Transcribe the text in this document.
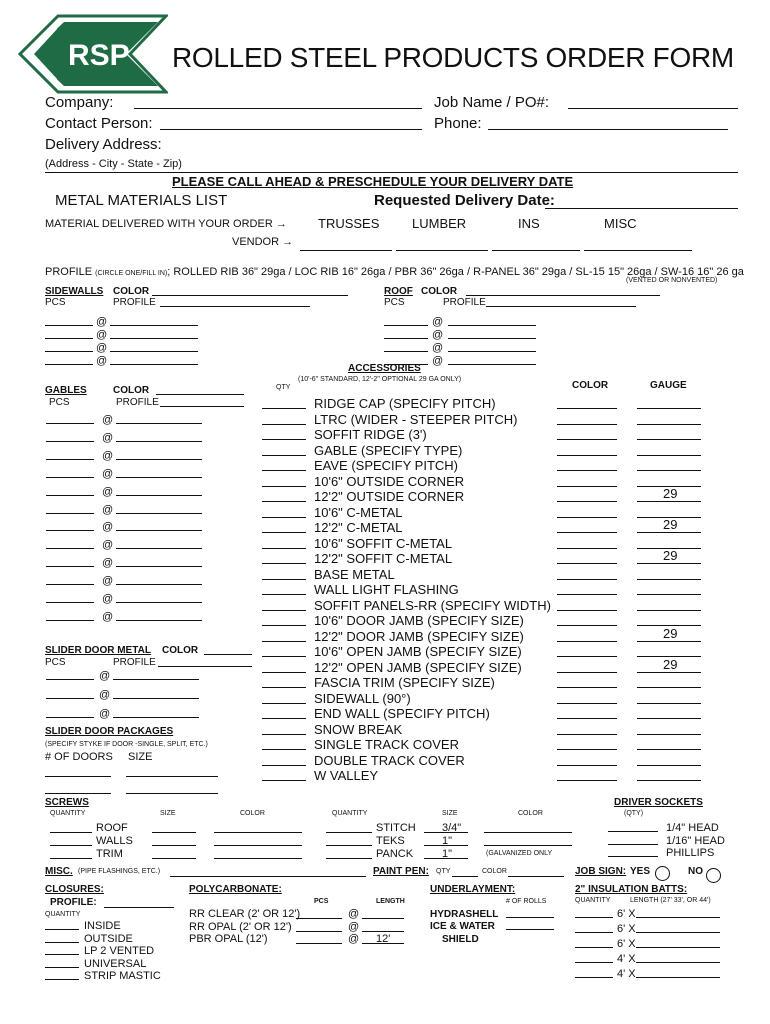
RSP ROLLED STEEL PRODUCTS ORDER FORM
Company:	Job Name / PO#:
Contact Person:	Phone:
Delivery Address:
(Address - City - State - Zip)
PLEASE CALL AHEAD & PRESCHEDULE YOUR DELIVERY DATE
METAL MATERIALS LIST	Requested Delivery Date:
MATERIAL DELIVERED WITH YOUR ORDER → TRUSSES	LUMBER	INS	MISC
VENDOR →
PROFILE (CIRCLE ONE/FILL IN); ROLLED RIB 36" 29ga / LOC RIB 16" 26ga / PBR 36" 26ga / R-PANEL 36" 29ga / SL-15 15" 26ga / SW-16 16" 26 ga
(VENTED OR NONVENTED)
SIDEWALLS COLOR
PCS	PROFILE
ROOF COLOR
PCS	PROFILE
ACCESSORIES
(10'-6" STANDARD, 12'-2" OPTIONAL 29 GA ONLY)
QTY	COLOR	GAUGE
GABLES	COLOR
PCS	PROFILE
SLIDER DOOR METAL COLOR
PCS	PROFILE
SLIDER DOOR PACKAGES
(SPECIFY STYKE IF DOOR -SINGLE, SPLIT, ETC.)
# OF DOORS SIZE
SCREWS
QUANTITY	SIZE	COLOR	QUANTITY	SIZE	COLOR
(GALVANIZED ONLY
DRIVER SOCKETS
(QTY)
MISC. (PIPE FLASHINGS, ETC.)	PAINT PEN: QTY	COLOR	JOB SIGN: YES	NO
CLOSURES:
PROFILE:
QUANTITY
POLYCARBONATE:
PCS	LENGTH
UNDERLAYMENT:
# OF ROLLS
HYDRASHELL
ICE & WATER
SHIELD
2" INSULATION BATTS:
QUANTITY	LENGTH (27' 33', OR 44')
@	@
@	@
@	@
@	@
@
@
@
@
@
@
@
@
@
@
@
@
@
@
@
RIDGE CAP (SPECIFY PITCH)
LTRC (WIDER - STEEPER PITCH)
SOFFIT RIDGE (3')
GABLE (SPECIFY TYPE)
EAVE (SPECIFY PITCH)
10'6" OUTSIDE CORNER
12'2" OUTSIDE CORNER	29
10'6" C-METAL
12'2" C-METAL	29
10'6" SOFFIT C-METAL
12'2" SOFFIT C-METAL	29
BASE METAL
WALL LIGHT FLASHING
SOFFIT PANELS-RR (SPECIFY WIDTH)
10'6" DOOR JAMB (SPECIFY SIZE)
12'2" DOOR JAMB (SPECIFY SIZE)	29
10'6" OPEN JAMB (SPECIFY SIZE)
12'2" OPEN JAMB (SPECIFY SIZE)	29
FASCIA TRIM (SPECIFY SIZE)
SIDEWALL (90°)
END WALL (SPECIFY PITCH)
SNOW BREAK
SINGLE TRACK COVER
DOUBLE TRACK COVER
W VALLEY
ROOF
WALLS
TRIM
STITCH 3/4"
TEKS	1"
PANCK	1"
1/4" HEAD
1/16" HEAD
PHILLIPS
INSIDE
OUTSIDE
LP 2 VENTED
UNIVERSAL
STRIP MASTIC
RR CLEAR (2' OR 12')	@
RR OPAL (2' OR 12')	@
PBR OPAL (12')	@ 12'
6' X
6' X
6' X
4' X
4' X
